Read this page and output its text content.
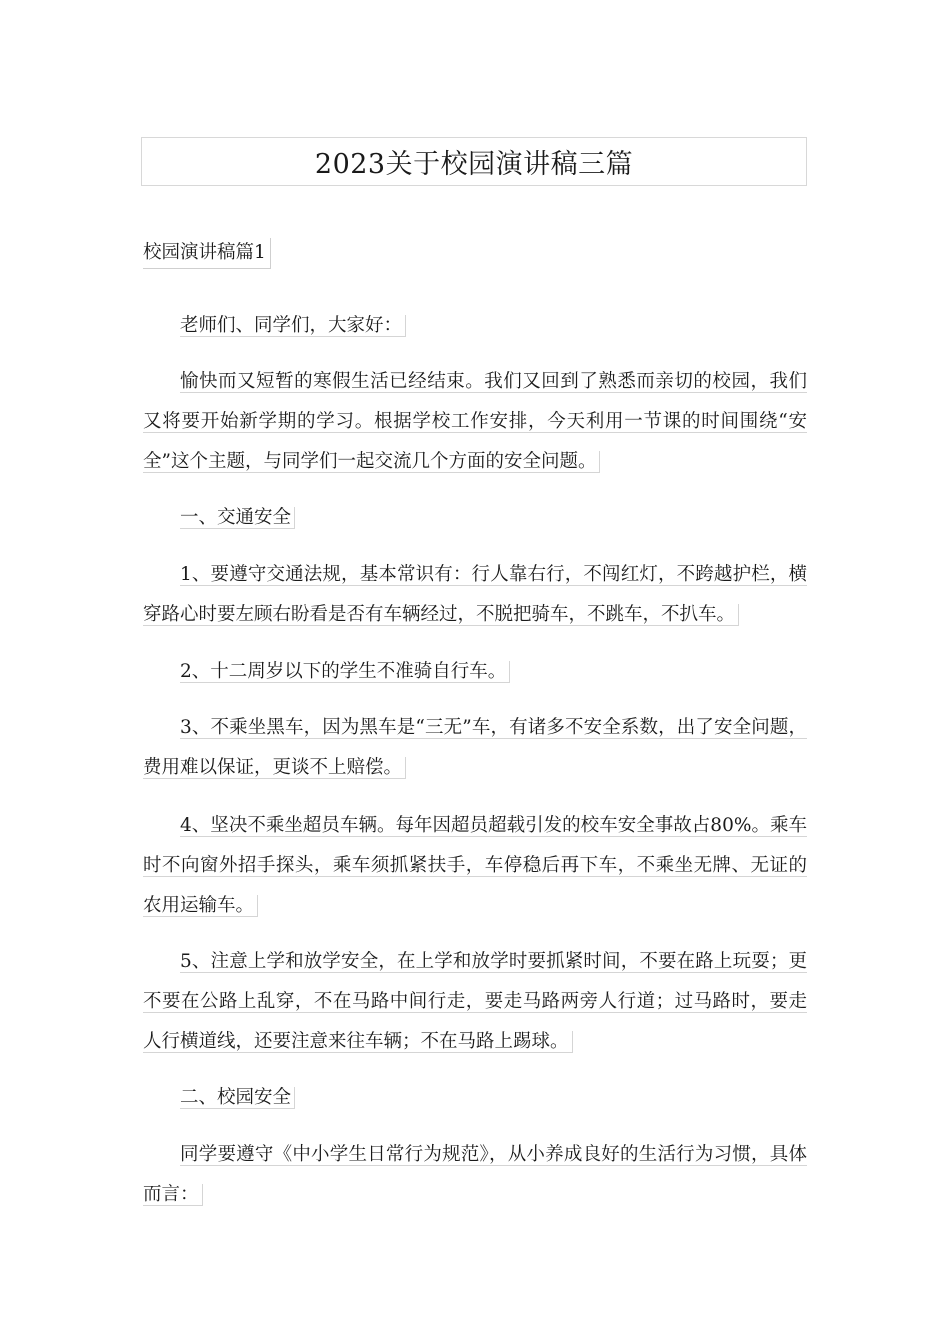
2023关于校园演讲稿三篇
校园演讲稿篇1
老师们、同学们，大家好：
愉快而又短暂的寒假生活已经结束。我们又回到了熟悉而亲切的校园，我们又将要开始新学期的学习。根据学校工作安排，今天利用一节课的时间围绕“安全”这个主题，与同学们一起交流几个方面的安全问题。
一、交通安全
1、要遵守交通法规，基本常识有：行人靠右行，不闯红灯，不跨越护栏，横穿路心时要左顾右盼看是否有车辆经过，不脱把骑车，不跳车，不扒车。
2、十二周岁以下的学生不准骑自行车。
3、不乘坐黑车，因为黑车是“三无”车，有诸多不安全系数，出了安全问题，费用难以保证，更谈不上赔偿。
4、坚决不乘坐超员车辆。每年因超员超载引发的校车安全事故占80%。乘车时不向窗外招手探头，乘车须抓紧扶手，车停稳后再下车，不乘坐无牌、无证的农用运输车。
5、注意上学和放学安全，在上学和放学时要抓紧时间，不要在路上玩耍；更不要在公路上乱穿，不在马路中间行走，要走马路两旁人行道；过马路时，要走人行横道线，还要注意来往车辆；不在马路上踢球。
二、校园安全
同学要遵守《中小学生日常行为规范》，从小养成良好的生活行为习惯，具体而言：
